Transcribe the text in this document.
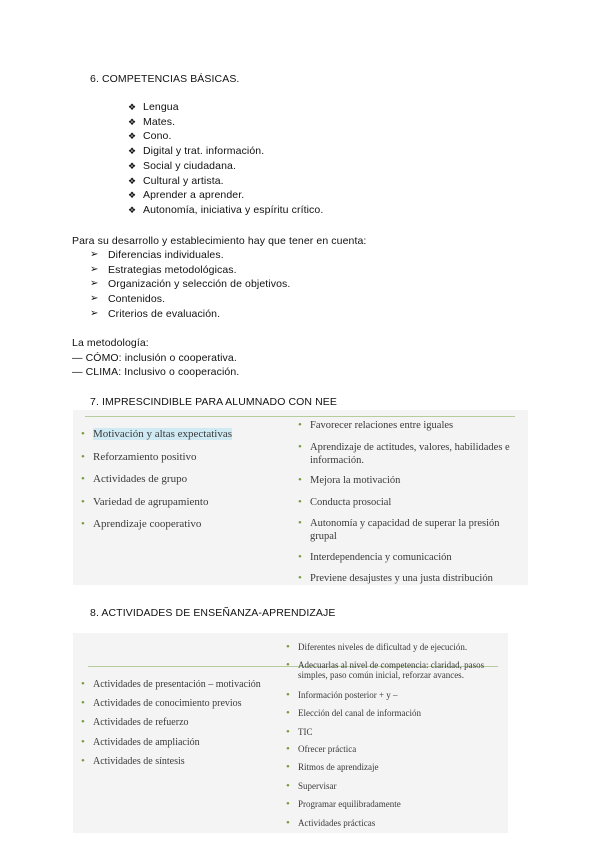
6. COMPETENCIAS BÁSICAS.
❖ Lengua
❖ Mates.
❖ Cono.
❖ Digital y trat. información.
❖ Social y ciudadana.
❖ Cultural y artista.
❖ Aprender a aprender.
❖ Autonomía, iniciativa y espíritu crítico.
Para su desarrollo y establecimiento hay que tener en cuenta:
➢ Diferencias individuales.
➢ Estrategias metodológicas.
➢ Organización y selección de objetivos.
➢ Contenidos.
➢ Criterios de evaluación.
La metodología:
— CÓMO: inclusión o cooperativa.
— CLIMA: Inclusivo o cooperación.
7. IMPRESCINDIBLE PARA ALUMNADO CON NEE
• Motivación y altas expectativas
• Reforzamiento positivo
• Actividades de grupo
• Variedad de agrupamiento
• Aprendizaje cooperativo
• Favorecer relaciones entre iguales
• Aprendizaje de actitudes, valores, habilidades e información.
• Mejora la motivación
• Conducta prosocial
• Autonomía y capacidad de superar la presión grupal
• Interdependencia y comunicación
• Previene desajustes y una justa distribución
8. ACTIVIDADES DE ENSEÑANZA-APRENDIZAJE
• Actividades de presentación – motivación
• Actividades de conocimiento previos
• Actividades de refuerzo
• Actividades de ampliación
• Actividades de síntesis
• Diferentes niveles de dificultad y de ejecución.
• Adecuarlas al nivel de competencia: claridad, pasos simples, paso común inicial, reforzar avances.
• Información posterior + y –
• Elección del canal de información
• TIC
• Ofrecer práctica
• Ritmos de aprendizaje
• Supervisar
• Programar equilibradamente
• Actividades prácticas
